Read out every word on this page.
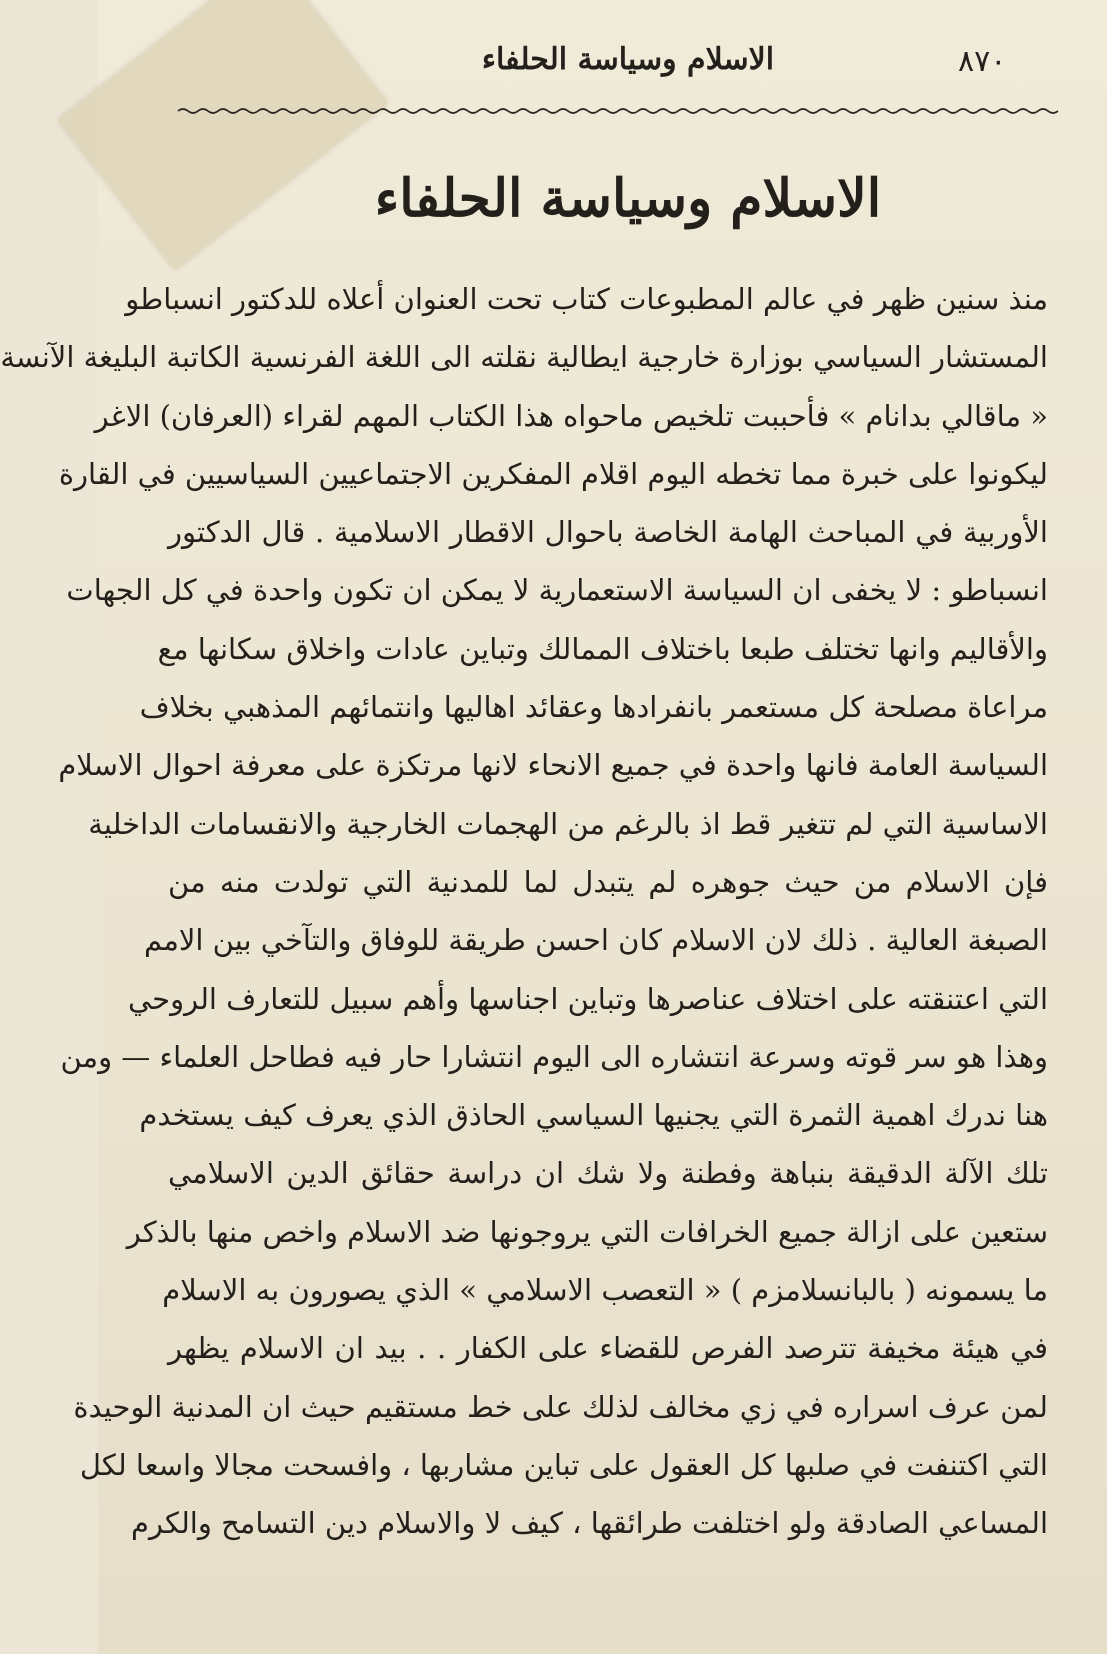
٨٧٠
الاسلام وسياسة الحلفاء
الاسلام وسياسة الحلفاء
منذ سنين ظهر في عالم المطبوعات كتاب تحت العنوان أعلاه للدكتور انسباطو
المستشار السياسي بوزارة خارجية ايطالية نقلته الى اللغة الفرنسية الكاتبة البليغة الآنسة
« ماقالي بدانام » فأحببت تلخيص ماحواه هذا الكتاب المهم لقراء (العرفان) الاغر
ليكونوا على خبرة مما تخطه اليوم اقلام المفكرين الاجتماعيين السياسيين في القارة
الأوربية في المباحث الهامة الخاصة باحوال الاقطار الاسلامية . قال الدكتور
انسباطو : لا يخفى ان السياسة الاستعمارية لا يمكن ان تكون واحدة في كل الجهات
والأقاليم وانها تختلف طبعا باختلاف الممالك وتباين عادات واخلاق سكانها مع
مراعاة مصلحة كل مستعمر بانفرادها وعقائد اهاليها وانتمائهم المذهبي بخلاف
السياسة العامة فانها واحدة في جميع الانحاء لانها مرتكزة على معرفة احوال الاسلام
الاساسية التي لم تتغير قط اذ بالرغم من الهجمات الخارجية والانقسامات الداخلية
فإن الاسلام من حيث جوهره لم يتبدل لما للمدنية التي تولدت منه من
الصبغة العالية . ذلك لان الاسلام كان احسن طريقة للوفاق والتآخي بين الامم
التي اعتنقته على اختلاف عناصرها وتباين اجناسها وأهم سبيل للتعارف الروحي
وهذا هو سر قوته وسرعة انتشاره الى اليوم انتشارا حار فيه فطاحل العلماء — ومن
هنا ندرك اهمية الثمرة التي يجنيها السياسي الحاذق الذي يعرف كيف يستخدم
تلك الآلة الدقيقة بنباهة وفطنة ولا شك ان دراسة حقائق الدين الاسلامي
ستعين على ازالة جميع الخرافات التي يروجونها ضد الاسلام واخص منها بالذكر
ما يسمونه ( بالبانسلامزم ) « التعصب الاسلامي » الذي يصورون به الاسلام
في هيئة مخيفة تترصد الفرص للقضاء على الكفار . . بيد ان الاسلام يظهر
لمن عرف اسراره في زي مخالف لذلك على خط مستقيم حيث ان المدنية الوحيدة
التي اكتنفت في صلبها كل العقول على تباين مشاربها ، وافسحت مجالا واسعا لكل
المساعي الصادقة ولو اختلفت طرائقها ، كيف لا والاسلام دين التسامح والكرم
